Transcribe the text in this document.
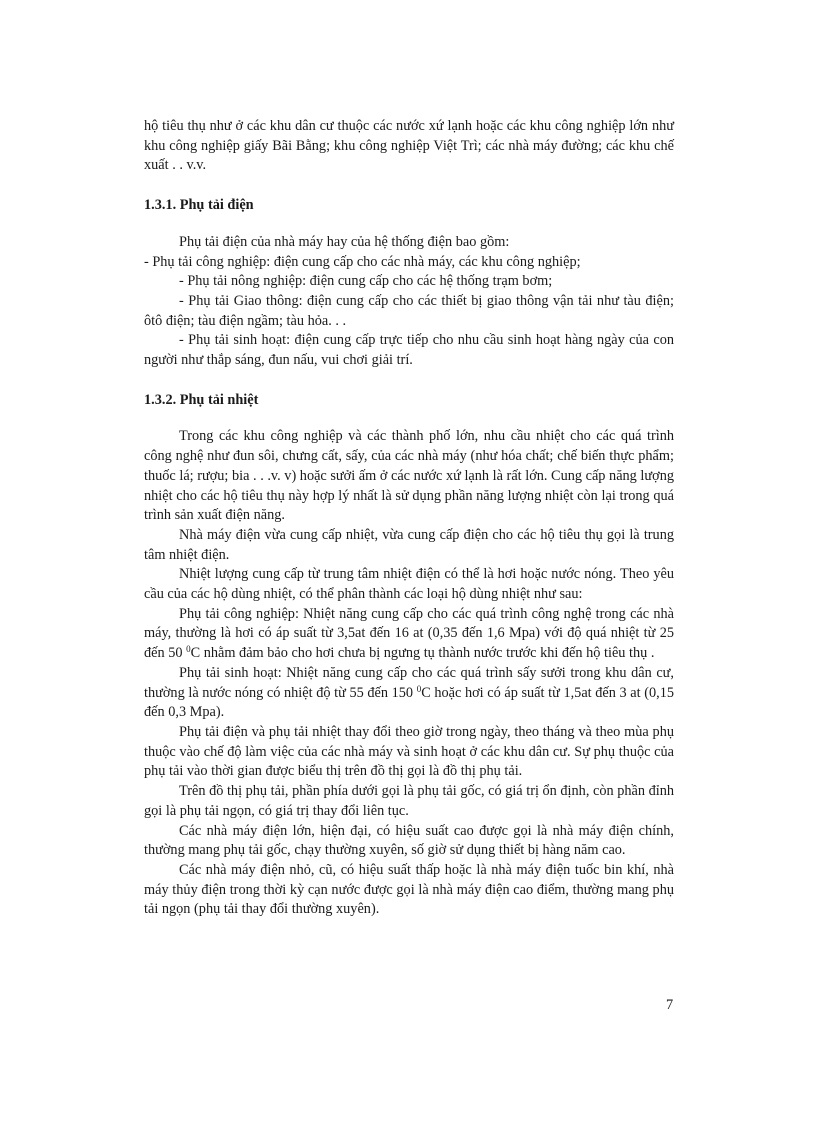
hộ tiêu thụ như ở các khu dân cư thuộc các nước xứ lạnh hoặc các khu công nghiệp lớn như khu công nghiệp giấy Bãi Bằng; khu công nghiệp Việt Trì; các nhà máy đường; các khu chế xuất . . v.v.

1.3.1. Phụ tải điện

Phụ tải điện của nhà máy hay của hệ thống điện bao gồm:

- Phụ tải công nghiệp: điện cung cấp cho các nhà máy, các khu công nghiệp;

- Phụ tải nông nghiệp: điện cung cấp cho các hệ thống trạm bơm;

- Phụ tải Giao thông: điện cung cấp cho các thiết bị giao thông vận tải như tàu điện; ôtô điện; tàu điện ngầm; tàu hỏa. . .

- Phụ tải sinh hoạt: điện cung cấp trực tiếp cho nhu cầu sinh hoạt hàng ngày của con người như thắp sáng, đun nấu, vui chơi giải trí.

1.3.2. Phụ tải nhiệt

Trong các khu công nghiệp và các thành phố lớn, nhu cầu nhiệt cho các quá trình công nghệ như đun sôi, chưng cất, sấy, của các nhà máy (như hóa chất; chế biến thực phẩm; thuốc lá; rượu; bia . . .v. v) hoặc sưởi ấm ở các nước xứ lạnh là rất lớn. Cung cấp năng lượng nhiệt cho các hộ tiêu thụ này hợp lý nhất là sử dụng phần năng lượng nhiệt còn lại trong quá trình sản xuất điện năng.

Nhà máy điện vừa cung cấp nhiệt, vừa cung cấp điện cho các hộ tiêu thụ gọi là trung tâm nhiệt điện.

Nhiệt lượng cung cấp từ trung tâm nhiệt điện có thể là hơi hoặc nước nóng. Theo yêu cầu của các hộ dùng nhiệt, có thể phân thành các loại hộ dùng nhiệt như sau:

Phụ tải công nghiệp: Nhiệt năng cung cấp cho các quá trình công nghệ trong các nhà máy, thường là hơi có áp suất từ 3,5at đến 16 at (0,35 đến 1,6 Mpa) với độ quá nhiệt từ 25 đến 50 $^0$C nhằm đảm bảo cho hơi chưa bị ngưng tụ thành nước trước khi đến hộ tiêu thụ .

Phụ tải sinh hoạt: Nhiệt năng cung cấp cho các quá trình sấy sưởi trong khu dân cư, thường là nước nóng có nhiệt độ từ 55 đến 150 $^0$C hoặc hơi có áp suất từ 1,5at đến 3 at (0,15 đến 0,3 Mpa).

Phụ tải điện và phụ tải nhiệt thay đổi theo giờ trong ngày, theo tháng và theo mùa phụ thuộc vào chế độ làm việc của các nhà máy và sinh hoạt ở các khu dân cư. Sự phụ thuộc của phụ tải vào thời gian được biểu thị trên đồ thị gọi là đồ thị phụ tải.

Trên đồ thị phụ tải, phần phía dưới gọi là phụ tải gốc, có giá trị ổn định, còn phần đỉnh gọi là phụ tải ngọn, có giá trị thay đổi liên tục.

Các nhà máy điện lớn, hiện đại, có hiệu suất cao được gọi là nhà máy điện chính, thường mang phụ tải gốc, chạy thường xuyên, số giờ sử dụng thiết bị hàng năm cao.

Các nhà máy điện nhỏ, cũ, có hiệu suất thấp hoặc là nhà máy điện tuốc bin khí, nhà máy thủy điện trong thời kỳ cạn nước được gọi là nhà máy điện cao điểm, thường mang phụ tải ngọn (phụ tải thay đổi thường xuyên).

7
